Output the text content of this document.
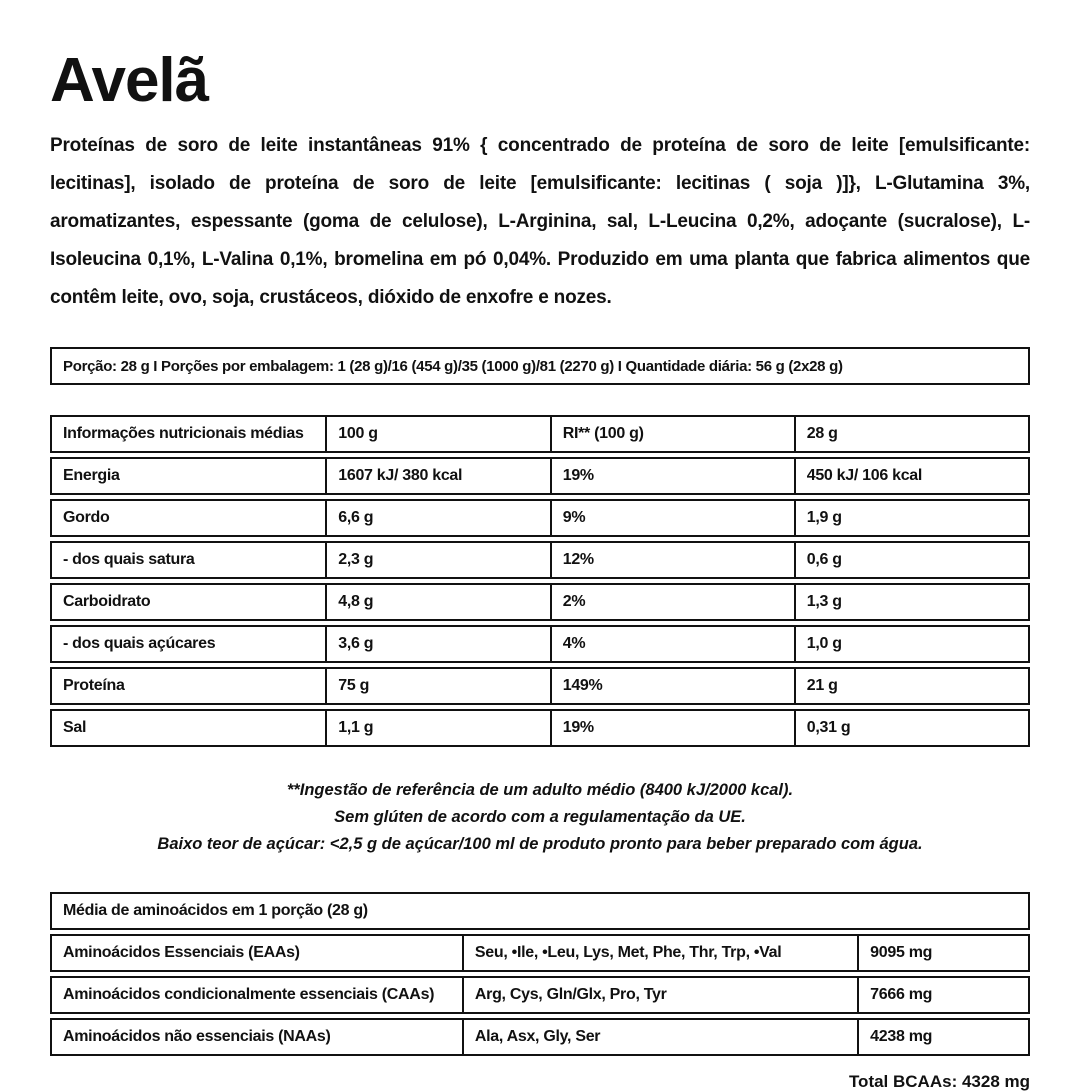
Avelã

Proteínas de soro de leite instantâneas 91% { concentrado de proteína de soro de leite [emulsificante: lecitinas], isolado de proteína de soro de leite [emulsificante: lecitinas ( soja )]}, L-Glutamina 3%, aromatizantes, espessante (goma de celulose), L-Arginina, sal, L-Leucina 0,2%, adoçante (sucralose), L-Isoleucina 0,1%, L-Valina 0,1%, bromelina em pó 0,04%. Produzido em uma planta que fabrica alimentos que contêm leite, ovo, soja, crustáceos, dióxido de enxofre e nozes.

Porção: 28 g I Porções por embalagem: 1 (28 g)/16 (454 g)/35 (1000 g)/81 (2270 g) I Quantidade diária: 56 g (2x28 g)
Informações nutricionais médias	100 g	RI** (100 g)	28 g
Energia	1607 kJ/ 380 kcal	19%	450 kJ/ 106 kcal
Gordo	6,6 g	9%	1,9 g
- dos quais satura	2,3 g	12%	0,6 g
Carboidrato	4,8 g	2%	1,3 g
- dos quais açúcares	3,6 g	4%	1,0 g
Proteína	75 g	149%	21 g
Sal	1,1 g	19%	0,31 g
**Ingestão de referência de um adulto médio (8400 kJ/2000 kcal).
Sem glúten de acordo com a regulamentação da UE.
Baixo teor de açúcar: <2,5 g de açúcar/100 ml de produto pronto para beber preparado com água.
Média de aminoácidos em 1 porção (28 g)
Aminoácidos Essenciais (EAAs)	Seu, •Ile, •Leu, Lys, Met, Phe, Thr, Trp, •Val	9095 mg
Aminoácidos condicionalmente essenciais (CAAs)	Arg, Cys, Gln/Glx, Pro, Tyr	7666 mg
Aminoácidos não essenciais (NAAs)	Ala, Asx, Gly, Ser	4238 mg
Total BCAAs: 4328 mg
